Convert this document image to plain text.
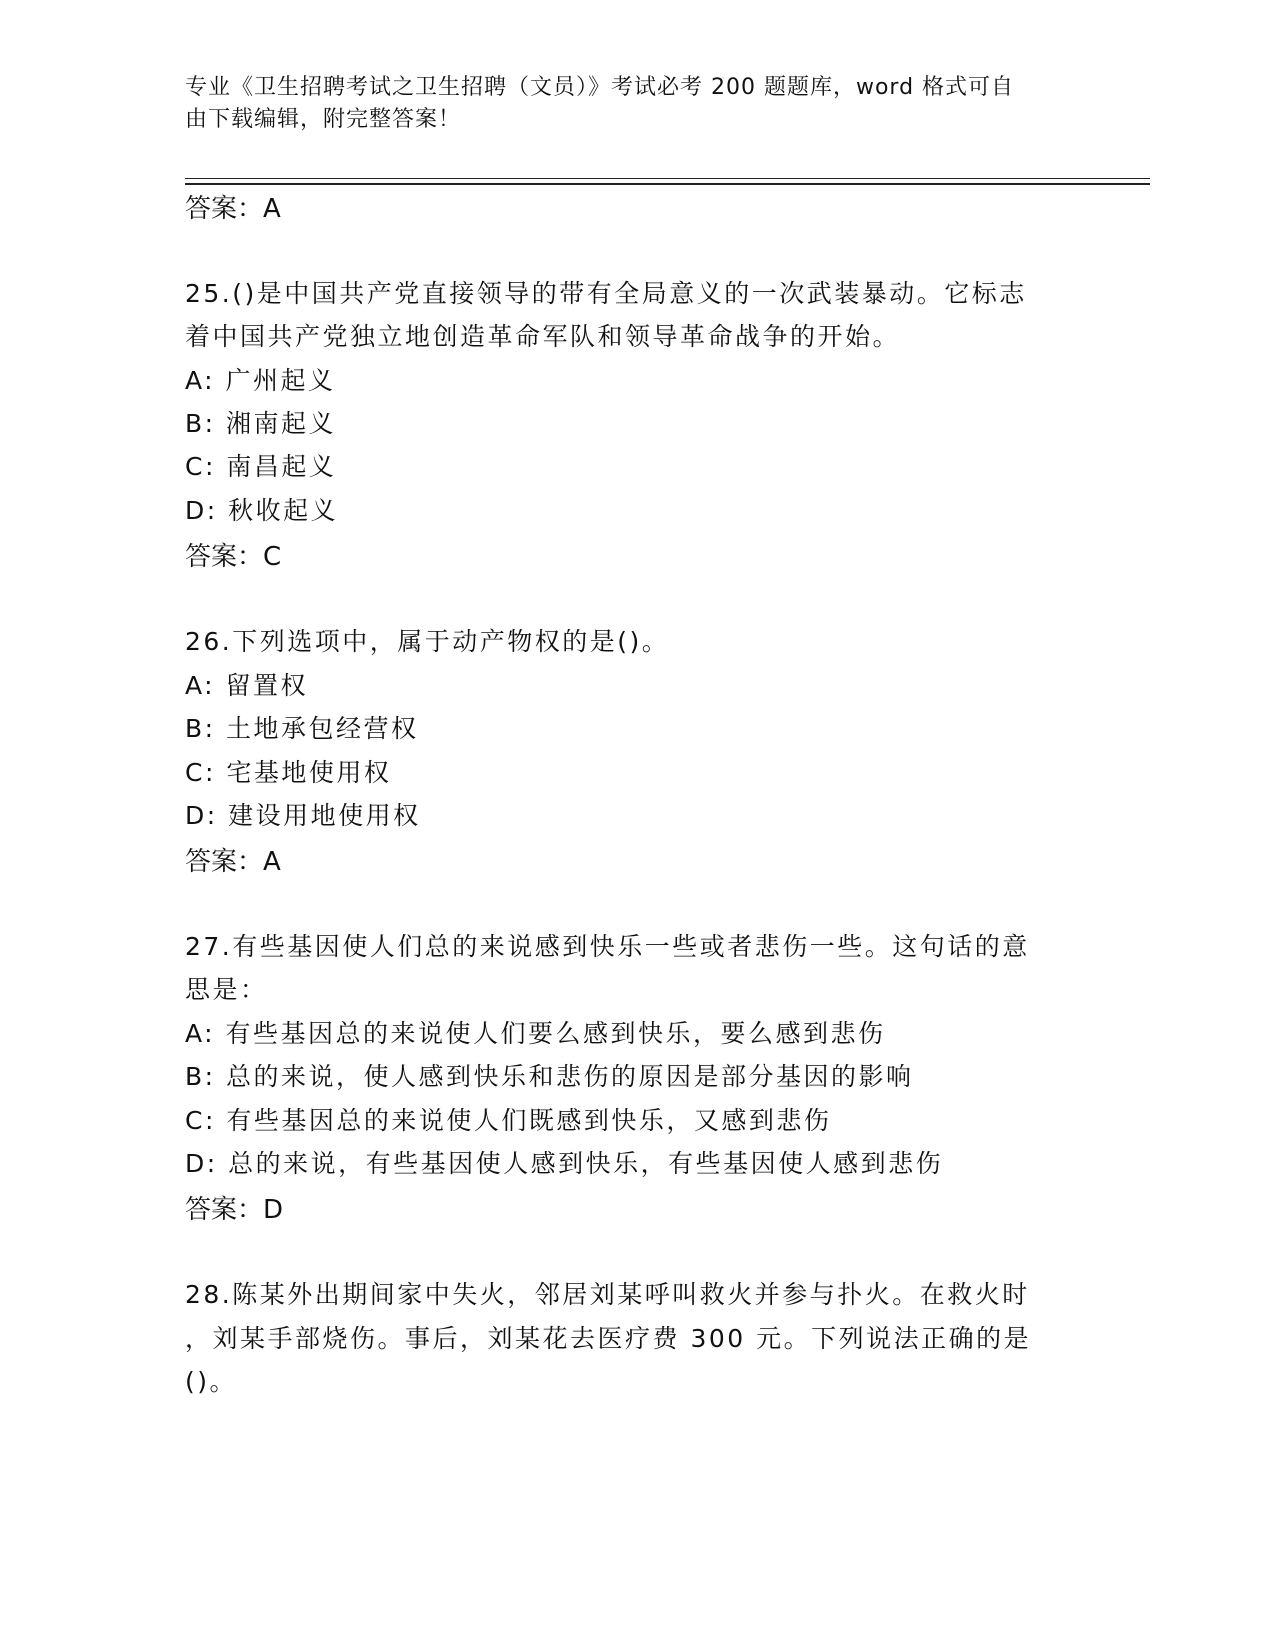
专业《卫生招聘考试之卫生招聘（文员）》考试必考 200 题题库，word 格式可自
由下载编辑，附完整答案！
答案：A
25.()是中国共产党直接领导的带有全局意义的一次武装暴动。它标志
着中国共产党独立地创造革命军队和领导革命战争的开始。
A: 广州起义
B: 湘南起义
C: 南昌起义
D: 秋收起义
答案：C
26.下列选项中，属于动产物权的是()。
A: 留置权
B: 土地承包经营权
C: 宅基地使用权
D: 建设用地使用权
答案：A
27.有些基因使人们总的来说感到快乐一些或者悲伤一些。这句话的意
思是：
A: 有些基因总的来说使人们要么感到快乐，要么感到悲伤
B: 总的来说，使人感到快乐和悲伤的原因是部分基因的影响
C: 有些基因总的来说使人们既感到快乐，又感到悲伤
D: 总的来说，有些基因使人感到快乐，有些基因使人感到悲伤
答案：D
28.陈某外出期间家中失火，邻居刘某呼叫救火并参与扑火。在救火时
，刘某手部烧伤。事后，刘某花去医疗费 300 元。下列说法正确的是
()。
